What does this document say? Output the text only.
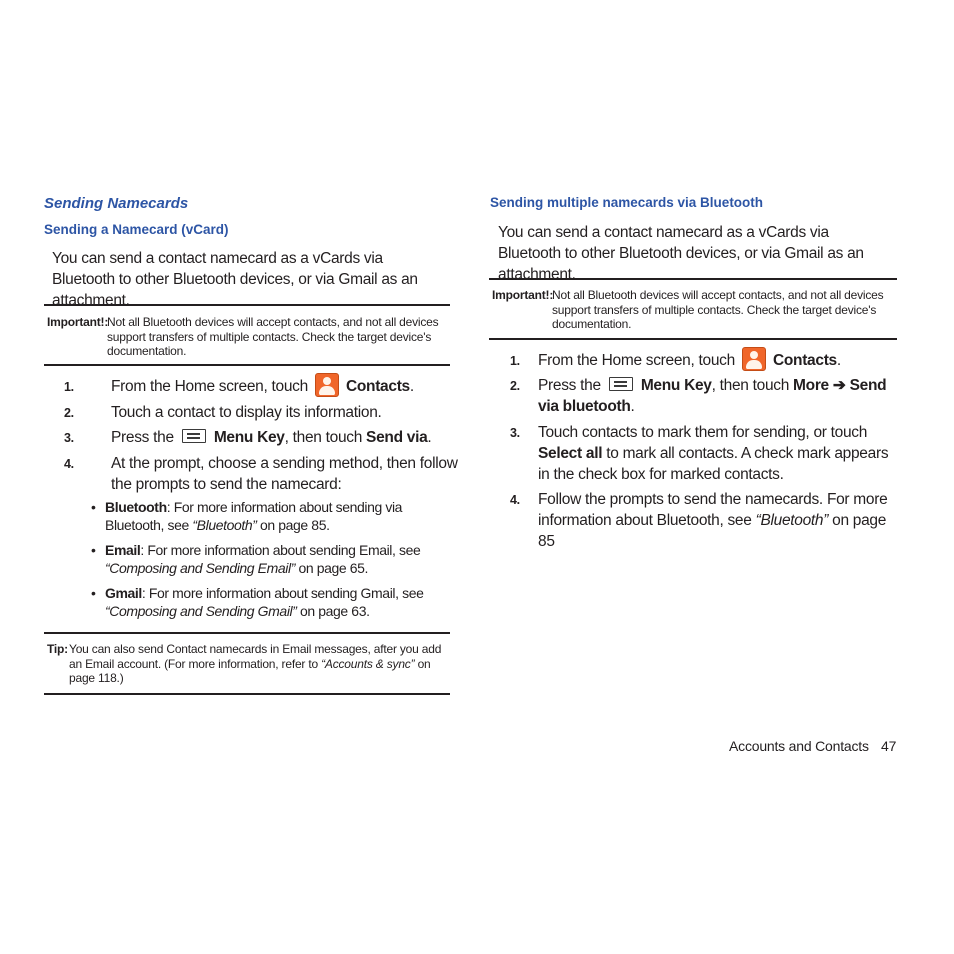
Sending Namecards
Sending a Namecard (vCard)
You can send a contact namecard as a vCards via Bluetooth to other Bluetooth devices, or via Gmail as an attachment.
Important!:
Not all Bluetooth devices will accept contacts, and not all devices support transfers of multiple contacts. Check the target device's documentation.
1. From the Home screen, touch Contacts.
2. Touch a contact to display its information.
3. Press the	Menu Key, then touch Send via.
4. At the prompt, choose a sending method, then follow the prompts to send the namecard:
• Bluetooth: For more information about sending via Bluetooth, see “Bluetooth” on page 85.
• Email: For more information about sending Email, see “Composing and Sending Email” on page 65.
• Gmail: For more information about sending Gmail, see “Composing and Sending Gmail” on page 63.
Tip: You can also send Contact namecards in Email messages, after you add an Email account. (For more information, refer to “Accounts & sync” on page 118.)
Sending multiple namecards via Bluetooth
You can send a contact namecard as a vCards via Bluetooth to other Bluetooth devices, or via Gmail as an attachment.
Important!:
Not all Bluetooth devices will accept contacts, and not all devices support transfers of multiple contacts. Check the target device's documentation.
1. From the Home screen, touch Contacts.
2. Press the	Menu Key, then touch More ➔ Send via bluetooth.
3. Touch contacts to mark them for sending, or touch Select all to mark all contacts. A check mark appears in the check box for marked contacts.
4. Follow the prompts to send the namecards. For more information about Bluetooth, see “Bluetooth” on page 85
Accounts and Contacts 47
